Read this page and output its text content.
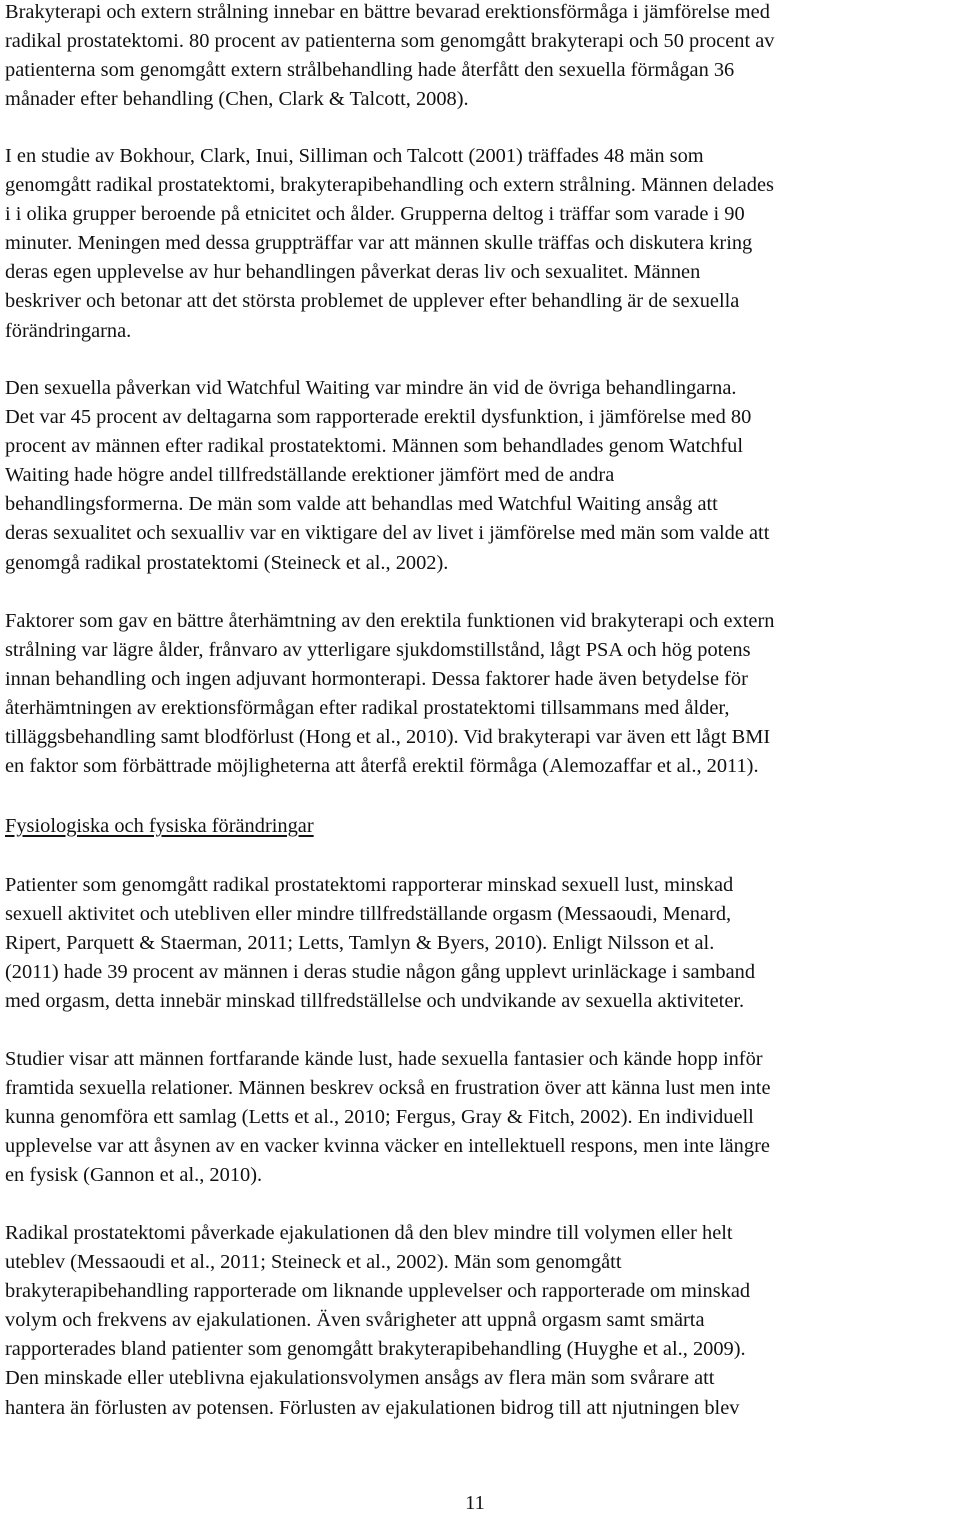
Brakyterapi och extern strålning innebar en bättre bevarad erektionsförmåga i jämförelse med
radikal prostatektomi. 80 procent av patienterna som genomgått brakyterapi och 50 procent av
patienterna som genomgått extern strålbehandling hade återfått den sexuella förmågan 36
månader efter behandling (Chen, Clark & Talcott, 2008).

I en studie av Bokhour, Clark, Inui, Silliman och Talcott (2001) träffades 48 män som
genomgått radikal prostatektomi, brakyterapibehandling och extern strålning. Männen delades
i i olika grupper beroende på etnicitet och ålder. Grupperna deltog i träffar som varade i 90
minuter. Meningen med dessa gruppträffar var att männen skulle träffas och diskutera kring
deras egen upplevelse av hur behandlingen påverkat deras liv och sexualitet. Männen
beskriver och betonar att det största problemet de upplever efter behandling är de sexuella
förändringarna.

Den sexuella påverkan vid Watchful Waiting var mindre än vid de övriga behandlingarna.
Det var 45 procent av deltagarna som rapporterade erektil dysfunktion, i jämförelse med 80
procent av männen efter radikal prostatektomi. Männen som behandlades genom Watchful
Waiting hade högre andel tillfredställande erektioner jämfört med de andra
behandlingsformerna. De män som valde att behandlas med Watchful Waiting ansåg att
deras sexualitet och sexualliv var en viktigare del av livet i jämförelse med män som valde att
genomgå radikal prostatektomi (Steineck et al., 2002).

Faktorer som gav en bättre återhämtning av den erektila funktionen vid brakyterapi och extern
strålning var lägre ålder, frånvaro av ytterligare sjukdomstillstånd, lågt PSA och hög potens
innan behandling och ingen adjuvant hormonterapi. Dessa faktorer hade även betydelse för
återhämtningen av erektionsförmågan efter radikal prostatektomi tillsammans med ålder,
tilläggsbehandling samt blodförlust (Hong et al., 2010). Vid brakyterapi var även ett lågt BMI
en faktor som förbättrade möjligheterna att återfå erektil förmåga (Alemozaffar et al., 2011).

Fysiologiska och fysiska förändringar

Patienter som genomgått radikal prostatektomi rapporterar minskad sexuell lust, minskad
sexuell aktivitet och utebliven eller mindre tillfredställande orgasm (Messaoudi, Menard,
Ripert, Parquett & Staerman, 2011; Letts, Tamlyn & Byers, 2010). Enligt Nilsson et al.
(2011) hade 39 procent av männen i deras studie någon gång upplevt urinläckage i samband
med orgasm, detta innebär minskad tillfredställelse och undvikande av sexuella aktiviteter.

Studier visar att männen fortfarande kände lust, hade sexuella fantasier och kände hopp inför
framtida sexuella relationer. Männen beskrev också en frustration över att känna lust men inte
kunna genomföra ett samlag (Letts et al., 2010; Fergus, Gray & Fitch, 2002). En individuell
upplevelse var att åsynen av en vacker kvinna väcker en intellektuell respons, men inte längre
en fysisk (Gannon et al., 2010).

Radikal prostatektomi påverkade ejakulationen då den blev mindre till volymen eller helt
uteblev (Messaoudi et al., 2011; Steineck et al., 2002). Män som genomgått
brakyterapibehandling rapporterade om liknande upplevelser och rapporterade om minskad
volym och frekvens av ejakulationen. Även svårigheter att uppnå orgasm samt smärta
rapporterades bland patienter som genomgått brakyterapibehandling (Huyghe et al., 2009).
Den minskade eller uteblivna ejakulationsvolymen ansågs av flera män som svårare att
hantera än förlusten av potensen. Förlusten av ejakulationen bidrog till att njutningen blev

11
